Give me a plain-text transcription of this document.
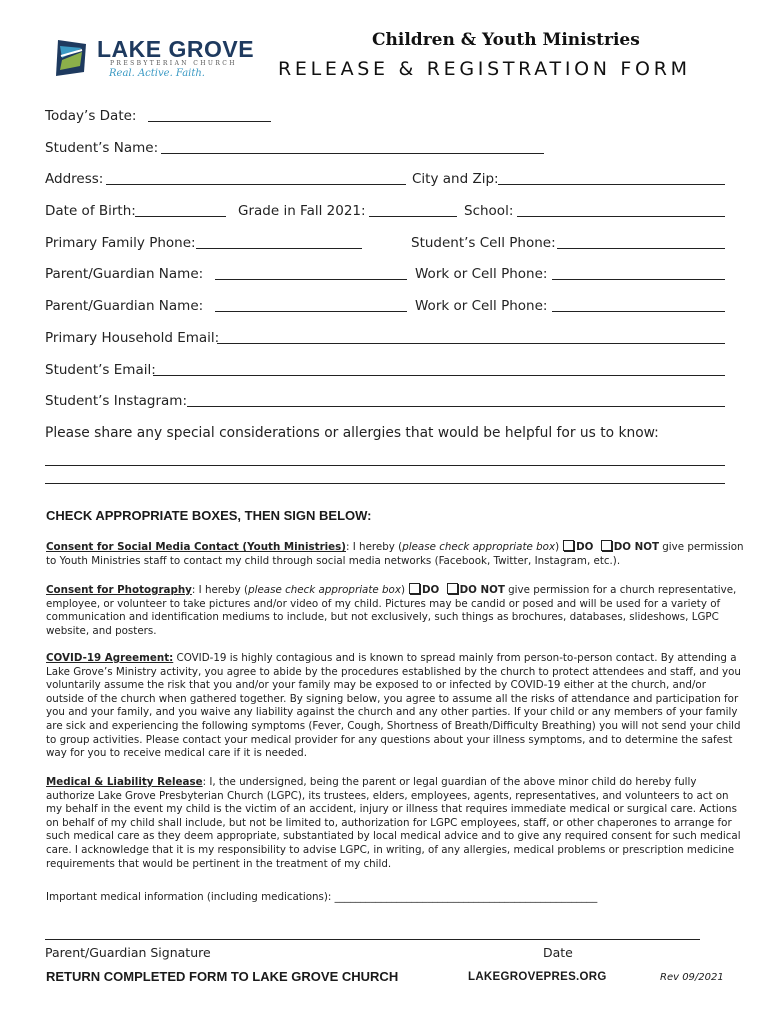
LAKE GROVE
PRESBYTERIAN CHURCH
Real. Active. Faith.
Children & Youth Ministries
RELEASE & REGISTRATION FORM
Today’s Date:
Student’s Name:
Address:	City and Zip:
Date of Birth:	Grade in Fall 2021:	School:
Primary Family Phone:	Student’s Cell Phone:
Parent/Guardian Name:	Work or Cell Phone:
Parent/Guardian Name:	Work or Cell Phone:
Primary Household Email:
Student’s Email:
Student’s Instagram:
Please share any special considerations or allergies that would be helpful for us to know:
CHECK APPROPRIATE BOXES, THEN SIGN BELOW:
Consent for Social Media Contact (Youth Ministries): I hereby (please check appropriate box) DO DO NOT give permission to Youth Ministries staff to contact my child through social media networks (Facebook, Twitter, Instagram, etc.).
Consent for Photography: I hereby (please check appropriate box) DO DO NOT give permission for a church representative, employee, or volunteer to take pictures and/or video of my child. Pictures may be candid or posed and will be used for a variety of communication and identification mediums to include, but not exclusively, such things as brochures, databases, slideshows, LGPC website, and posters.
COVID-19 Agreement: COVID-19 is highly contagious and is known to spread mainly from person-to-person contact. By attending a Lake Grove’s Ministry activity, you agree to abide by the procedures established by the church to protect attendees and staff, and you voluntarily assume the risk that you and/or your family may be exposed to or infected by COVID-19 either at the church, and/or outside of the church when gathered together. By signing below, you agree to assume all the risks of attendance and participation for you and your family, and you waive any liability against the church and any other parties. If your child or any members of your family are sick and experiencing the following symptoms (Fever, Cough, Shortness of Breath/Difficulty Breathing) you will not send your child to group activities. Please contact your medical provider for any questions about your illness symptoms, and to determine the safest way for you to receive medical care if it is needed.
Medical & Liability Release: I, the undersigned, being the parent or legal guardian of the above minor child do hereby fully authorize Lake Grove Presbyterian Church (LGPC), its trustees, elders, employees, agents, representatives, and volunteers to act on my behalf in the event my child is the victim of an accident, injury or illness that requires immediate medical or surgical care. Actions on behalf of my child shall include, but not be limited to, authorization for LGPC employees, staff, or other chaperones to arrange for such medical care as they deem appropriate, substantiated by local medical advice and to give any required consent for such medical care. I acknowledge that it is my responsibility to advise LGPC, in writing, of any allergies, medical problems or prescription medicine requirements that would be pertinent in the treatment of my child.
Important medical information (including medications): ___________________________________________________
Parent/Guardian Signature	Date
RETURN COMPLETED FORM TO LAKE GROVE CHURCH	LAKEGROVEPRES.ORG	Rev 09/2021
